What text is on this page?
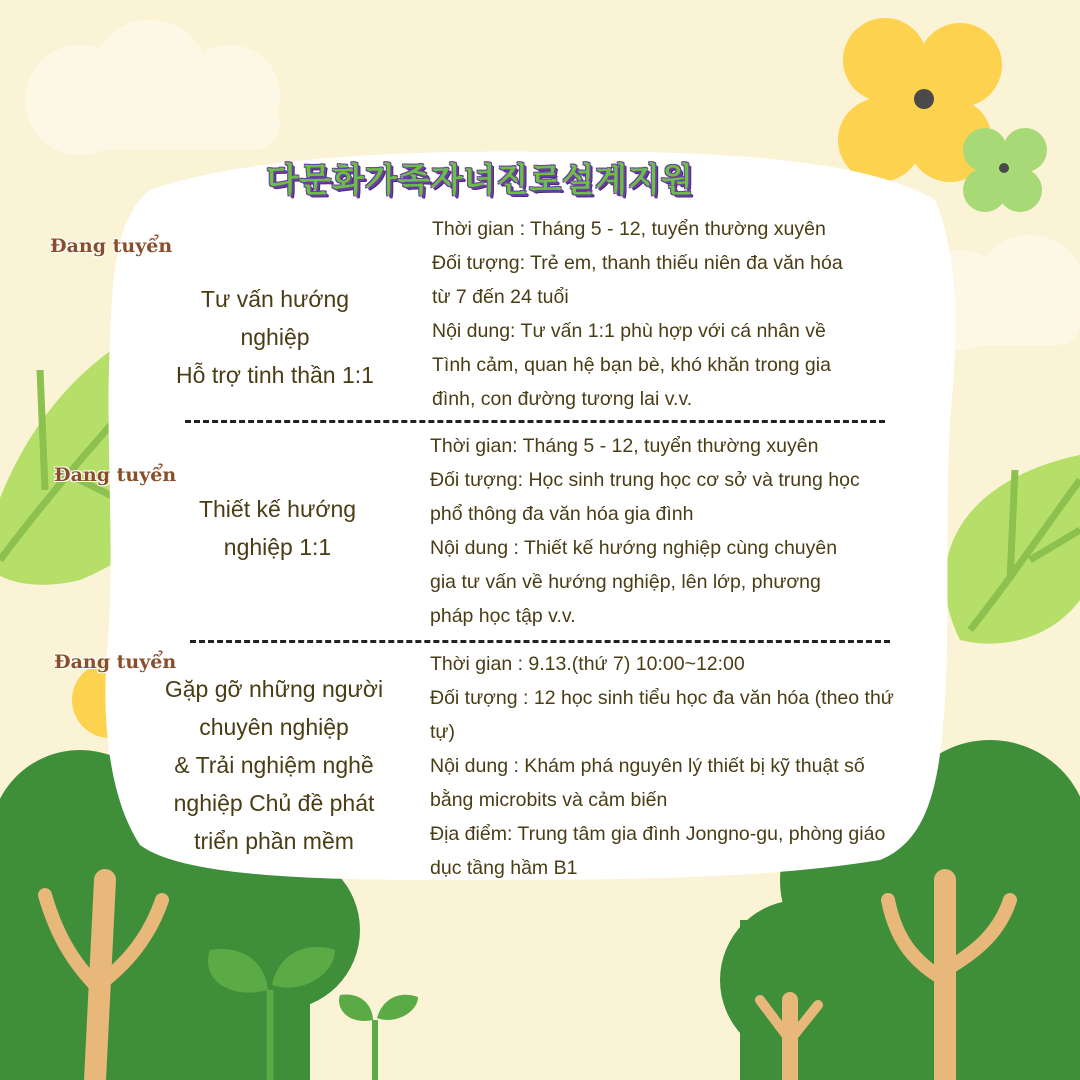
다문화가족자녀진로설계지원
Đang tuyển
Tư vấn hướng
nghiệp
Hỗ trợ tinh thần 1:1

Thời gian : Tháng 5 - 12, tuyển thường xuyên

Đối tượng: Trẻ em, thanh thiếu niên đa văn hóa

từ 7 đến 24 tuổi

Nội dung: Tư vấn 1:1 phù hợp với cá nhân về

Tình cảm, quan hệ bạn bè, khó khăn trong gia

đình, con đường tương lai v.v.

Đang tuyển
Thiết kế hướng
nghiệp 1:1

Thời gian: Tháng 5 - 12, tuyển thường xuyên

Đối tượng: Học sinh trung học cơ sở và trung học

phổ thông đa văn hóa gia đình

Nội dung : Thiết kế hướng nghiệp cùng chuyên

gia tư vấn về hướng nghiệp, lên lớp, phương

pháp học tập v.v.

Đang tuyển
Gặp gỡ những người
chuyên nghiệp
& Trải nghiệm nghề
nghiệp Chủ đề phát
triển phần mềm

Thời gian : 9.13.(thứ 7) 10:00~12:00

Đối tượng : 12 học sinh tiểu học đa văn hóa (theo thứ

tự)

Nội dung : Khám phá nguyên lý thiết bị kỹ thuật số

bằng microbits và cảm biến

Địa điểm: Trung tâm gia đình Jongno-gu, phòng giáo

dục tầng hầm B1
